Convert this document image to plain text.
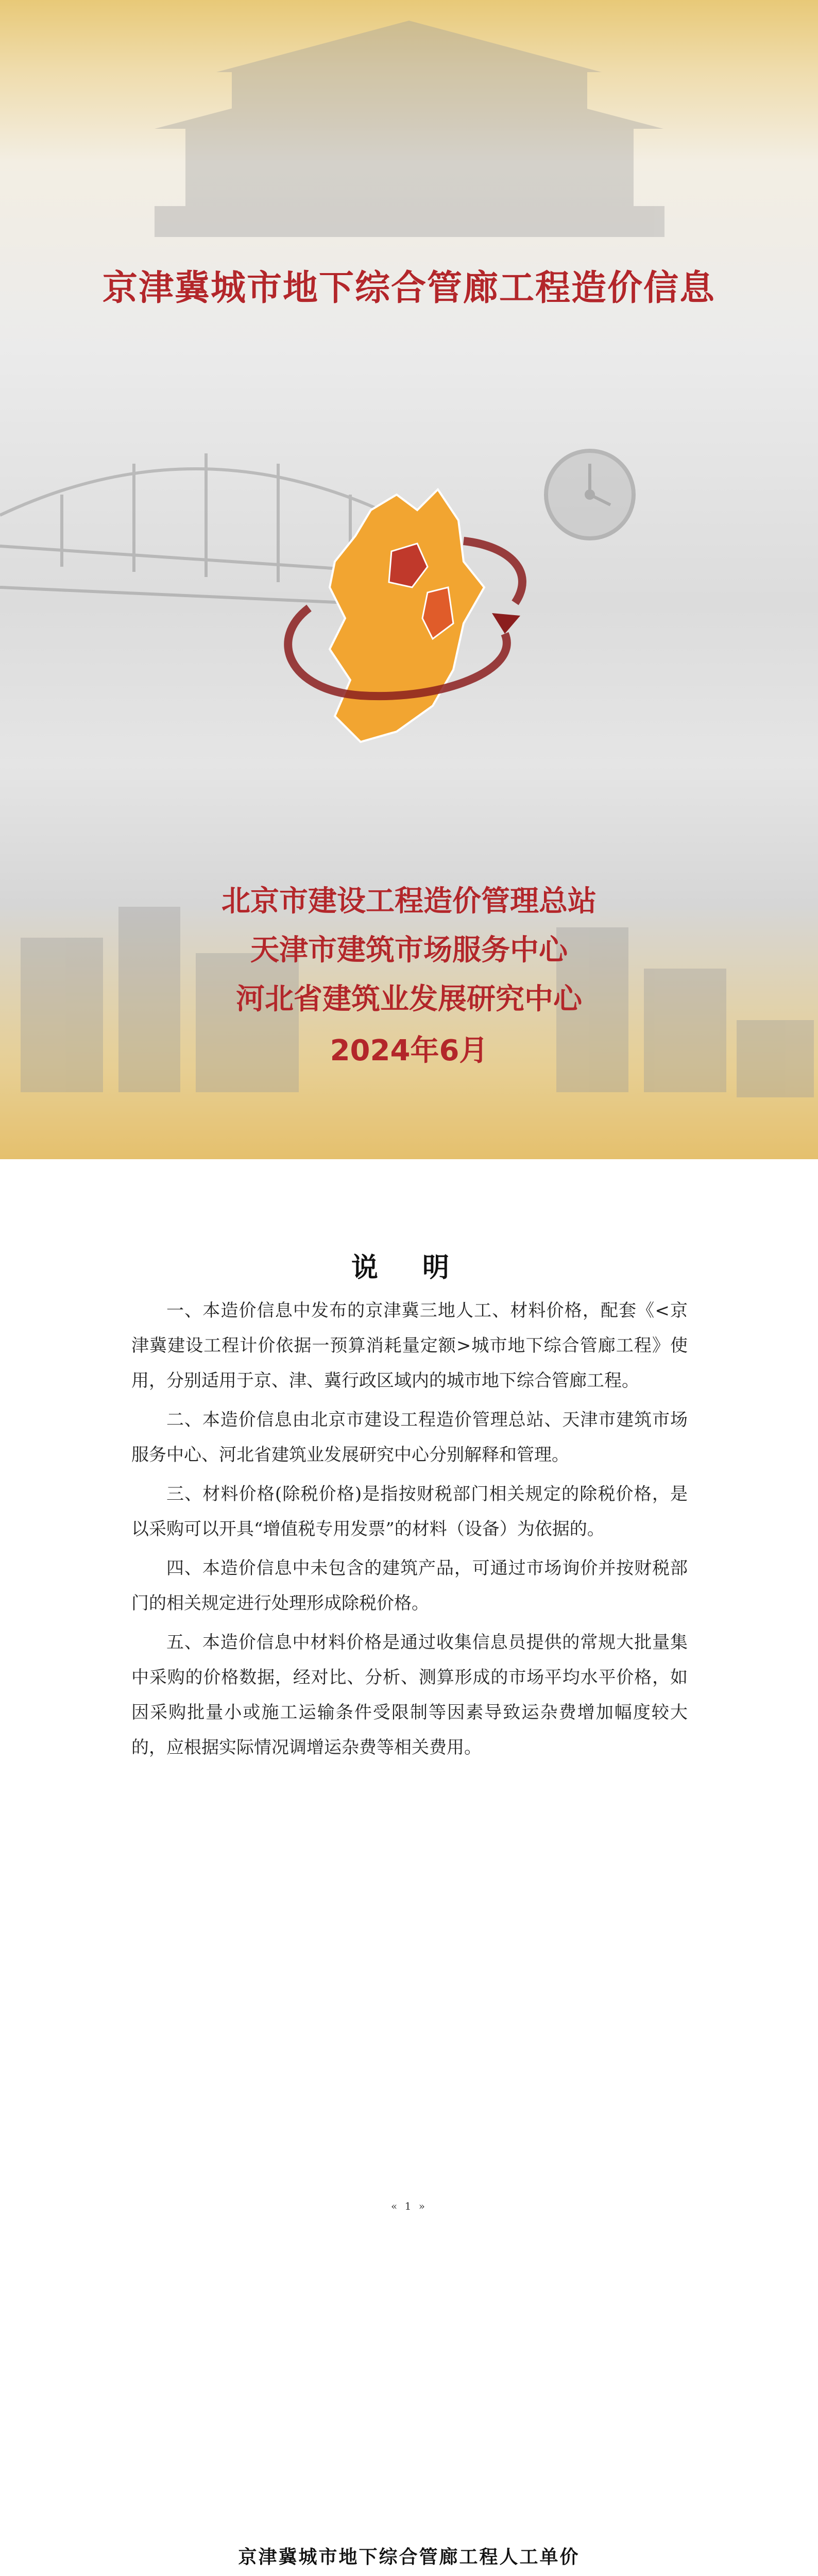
京津冀城市地下综合管廊工程造价信息
北京市建设工程造价管理总站
天津市建筑市场服务中心
河北省建筑业发展研究中心
2024年6月
说 明

一、本造价信息中发布的京津冀三地人工、材料价格，配套《<京津冀建设工程计价依据一预算消耗量定额>城市地下综合管廊工程》使用，分别适用于京、津、冀行政区域内的城市地下综合管廊工程。

二、本造价信息由北京市建设工程造价管理总站、天津市建筑市场服务中心、河北省建筑业发展研究中心分别解释和管理。

三、材料价格(除税价格)是指按财税部门相关规定的除税价格，是以采购可以开具“增值税专用发票”的材料（设备）为依据的。

四、本造价信息中未包含的建筑产品，可通过市场询价并按财税部门的相关规定进行处理形成除税价格。

五、本造价信息中材料价格是通过收集信息员提供的常规大批量集中采购的价格数据，经对比、分析、测算形成的市场平均水平价格，如因采购批量小或施工运输条件受限制等因素导致运杂费增加幅度较大的，应根据实际情况调增运杂费等相关费用。

« 1 »
京津冀城市地下综合管廊工程人工单价
